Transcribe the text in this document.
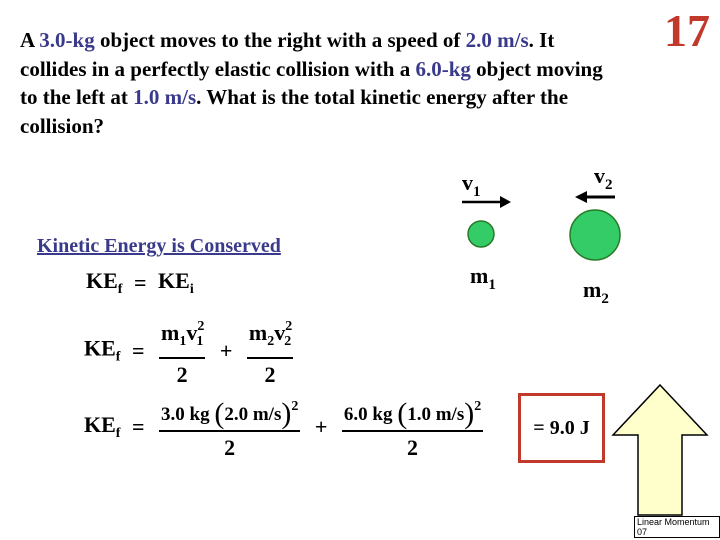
A 3.0-kg object moves to the right with a speed of 2.0 m/s. It collides in a perfectly elastic collision with a 6.0-kg object moving to the left at 1.0 m/s. What is the total kinetic energy after the collision?
17
$v_1$
$v_2$
$m_1$	$m_2$
Kinetic Energy is Conserved
$KE_f = KE_i$
$KE_f = \frac{m_1v^2_1}{2} + \frac{m_2v^2_2}{2}$
$KE_f = \frac{3.0 kg (2.0 m/s)^2}{2} + \frac{6.0 kg (1.0 m/s)^2}{2}$	= 9.0 J
Linear Momentum 07
